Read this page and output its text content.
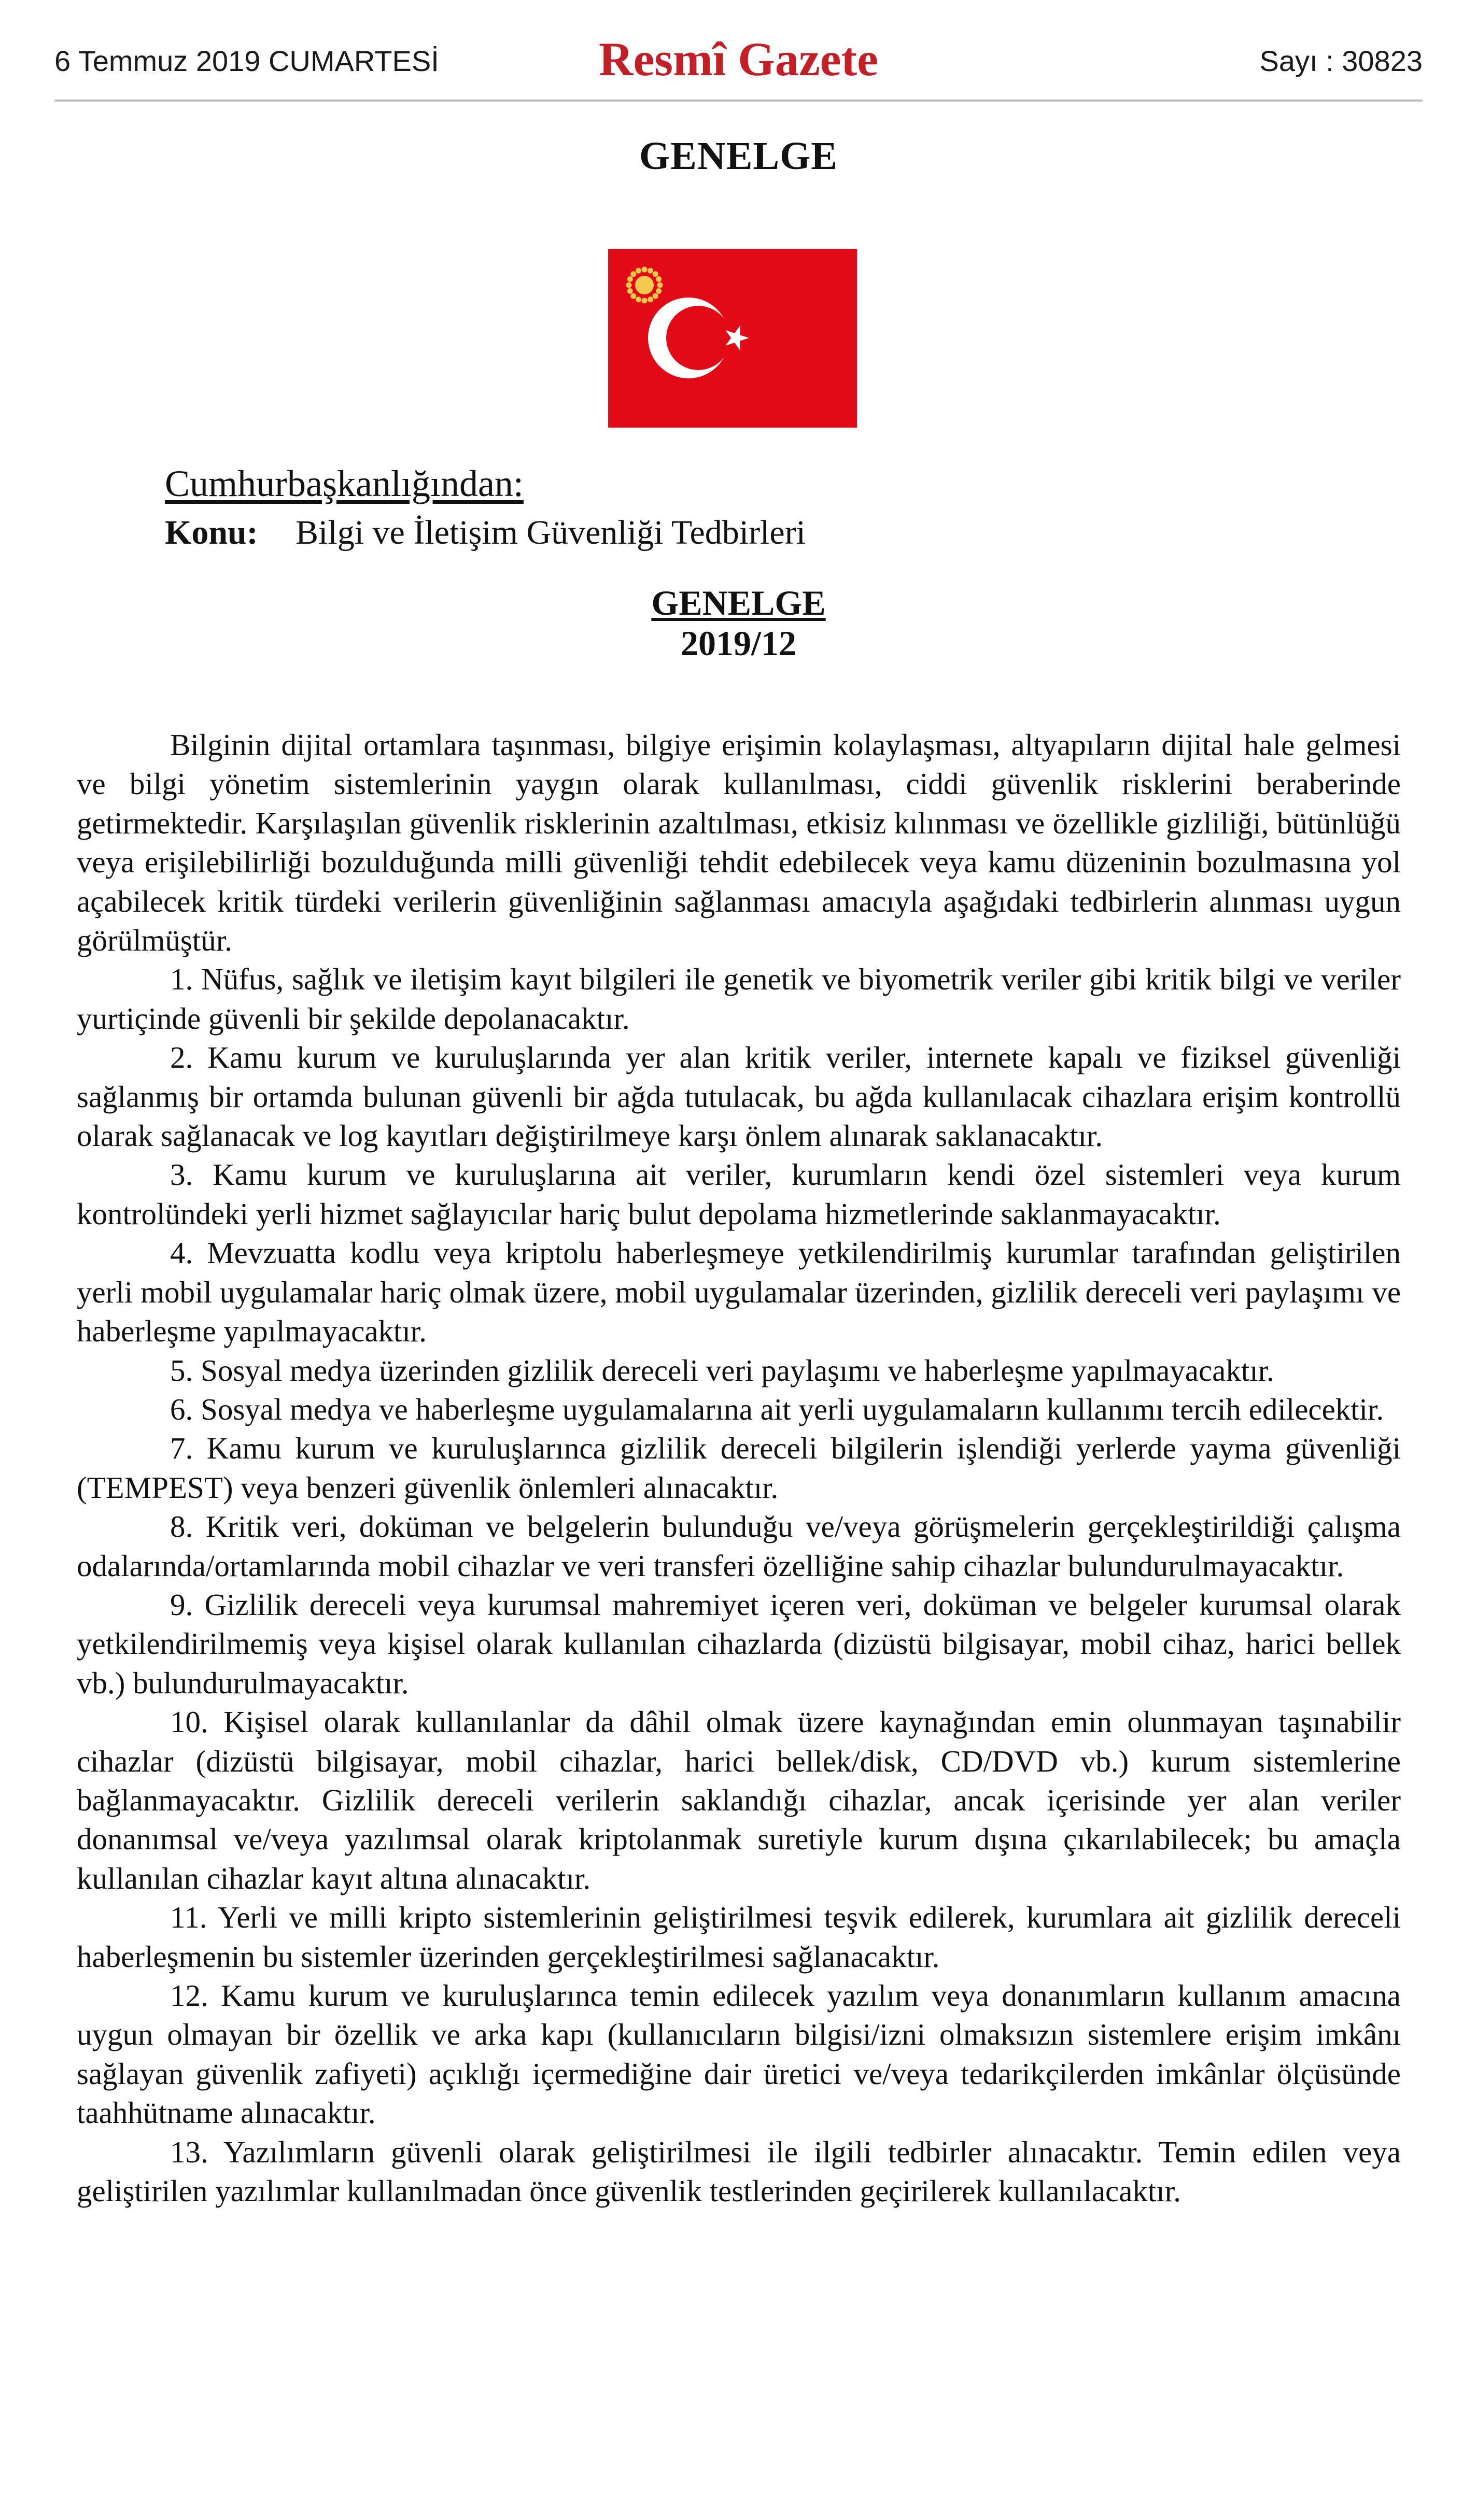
6 Temmuz 2019 CUMARTESİ	Resmî Gazete	Sayı : 30823
GENELGE
Cumhurbaşkanlığından:
Konu: Bilgi ve İletişim Güvenliği Tedbirleri
GENELGE
2019/12

Bilginin dijital ortamlara taşınması, bilgiye erişimin kolaylaşması, altyapıların dijital hale gelmesi ve bilgi yönetim sistemlerinin yaygın olarak kullanılması, ciddi güvenlik risklerini beraberinde getirmektedir. Karşılaşılan güvenlik risklerinin azaltılması, etkisiz kılınması ve özellikle gizliliği, bütünlüğü veya erişilebilirliği bozulduğunda milli güvenliği tehdit edebilecek veya kamu düzeninin bozulmasına yol açabilecek kritik türdeki verilerin güvenliğinin sağlanması amacıyla aşağıdaki tedbirlerin alınması uygun görülmüştür.

1. Nüfus, sağlık ve iletişim kayıt bilgileri ile genetik ve biyometrik veriler gibi kritik bilgi ve veriler yurtiçinde güvenli bir şekilde depolanacaktır.

2. Kamu kurum ve kuruluşlarında yer alan kritik veriler, internete kapalı ve fiziksel güvenliği sağlanmış bir ortamda bulunan güvenli bir ağda tutulacak, bu ağda kullanılacak cihazlara erişim kontrollü olarak sağlanacak ve log kayıtları değiştirilmeye karşı önlem alınarak saklanacaktır.

3. Kamu kurum ve kuruluşlarına ait veriler, kurumların kendi özel sistemleri veya kurum kontrolündeki yerli hizmet sağlayıcılar hariç bulut depolama hizmetlerinde saklanmayacaktır.

4. Mevzuatta kodlu veya kriptolu haberleşmeye yetkilendirilmiş kurumlar tarafından geliştirilen yerli mobil uygulamalar hariç olmak üzere, mobil uygulamalar üzerinden, gizlilik dereceli veri paylaşımı ve haberleşme yapılmayacaktır.

5. Sosyal medya üzerinden gizlilik dereceli veri paylaşımı ve haberleşme yapılmayacaktır.

6. Sosyal medya ve haberleşme uygulamalarına ait yerli uygulamaların kullanımı tercih edilecektir.

7. Kamu kurum ve kuruluşlarınca gizlilik dereceli bilgilerin işlendiği yerlerde yayma güvenliği (TEMPEST) veya benzeri güvenlik önlemleri alınacaktır.

8. Kritik veri, doküman ve belgelerin bulunduğu ve/veya görüşmelerin gerçekleştirildiği çalışma odalarında/ortamlarında mobil cihazlar ve veri transferi özelliğine sahip cihazlar bulundurulmayacaktır.

9. Gizlilik dereceli veya kurumsal mahremiyet içeren veri, doküman ve belgeler kurumsal olarak yetkilendirilmemiş veya kişisel olarak kullanılan cihazlarda (dizüstü bilgisayar, mobil cihaz, harici bellek vb.) bulundurulmayacaktır.

10. Kişisel olarak kullanılanlar da dâhil olmak üzere kaynağından emin olunmayan taşınabilir cihazlar (dizüstü bilgisayar, mobil cihazlar, harici bellek/disk, CD/DVD vb.) kurum sistemlerine bağlanmayacaktır. Gizlilik dereceli verilerin saklandığı cihazlar, ancak içerisinde yer alan veriler donanımsal ve/veya yazılımsal olarak kriptolanmak suretiyle kurum dışına çıkarılabilecek; bu amaçla kullanılan cihazlar kayıt altına alınacaktır.

11. Yerli ve milli kripto sistemlerinin geliştirilmesi teşvik edilerek, kurumlara ait gizlilik dereceli haberleşmenin bu sistemler üzerinden gerçekleştirilmesi sağlanacaktır.

12. Kamu kurum ve kuruluşlarınca temin edilecek yazılım veya donanımların kullanım amacına uygun olmayan bir özellik ve arka kapı (kullanıcıların bilgisi/izni olmaksızın sistemlere erişim imkânı sağlayan güvenlik zafiyeti) açıklığı içermediğine dair üretici ve/veya tedarikçilerden imkânlar ölçüsünde taahhütname alınacaktır.

13. Yazılımların güvenli olarak geliştirilmesi ile ilgili tedbirler alınacaktır. Temin edilen veya geliştirilen yazılımlar kullanılmadan önce güvenlik testlerinden geçirilerek kullanılacaktır.
